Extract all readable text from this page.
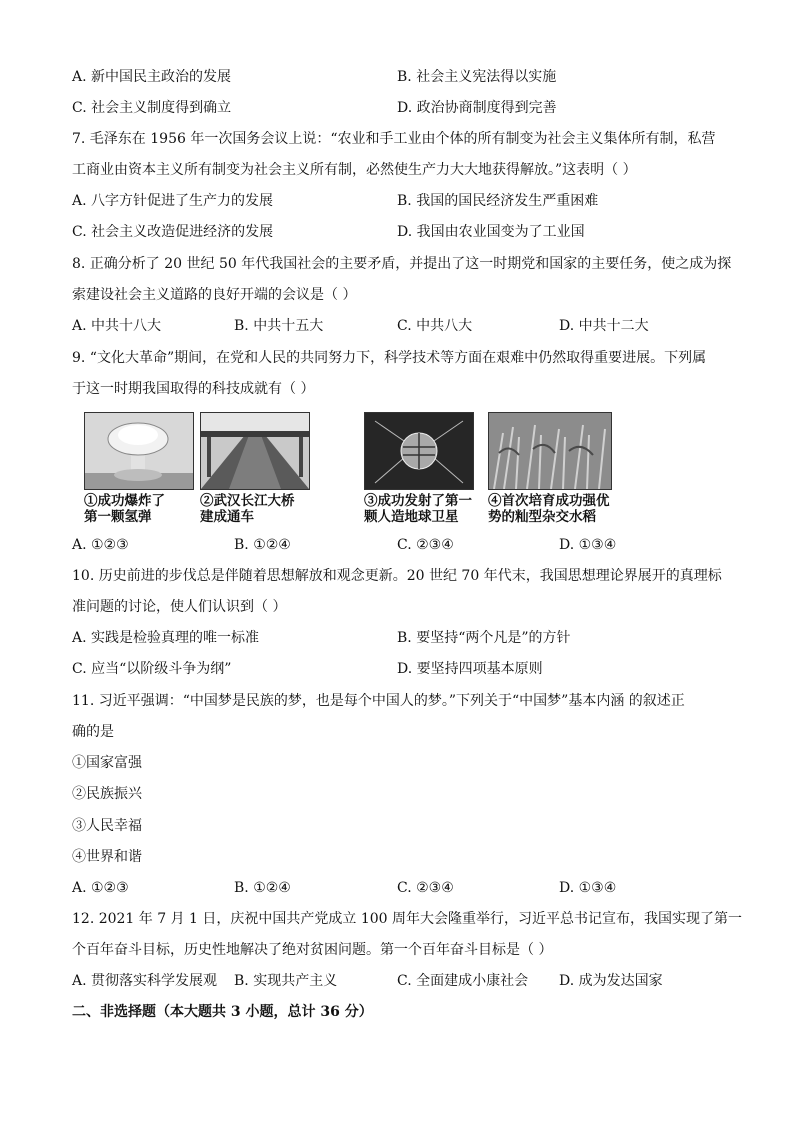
A. 新中国民主政治的发展	B. 社会主义宪法得以实施
C. 社会主义制度得到确立	D. 政治协商制度得到完善
7. 毛泽东在 1956 年一次国务会议上说：“农业和手工业由个体的所有制变为社会主义集体所有制，私营
工商业由资本主义所有制变为社会主义所有制，必然使生产力大大地获得解放。”这表明（ ）
A. 八字方针促进了生产力的发展	B. 我国的国民经济发生严重困难
C. 社会主义改造促进经济的发展	D. 我国由农业国变为了工业国
8. 正确分析了 20 世纪 50 年代我国社会的主要矛盾，并提出了这一时期党和国家的主要任务，使之成为探
索建设社会主义道路的良好开端的会议是（ ）
A. 中共十八大	B. 中共十五大	C. 中共八大	D. 中共十二大
9. “文化大革命”期间，在党和人民的共同努力下，科学技术等方面在艰难中仍然取得重要进展。下列属
于这一时期我国取得的科技成就有（ ）
①成功爆炸了
第一颗氢弹
②武汉长江大桥
建成通车
③成功发射了第一
颗人造地球卫星
④首次培育成功强优
势的籼型杂交水稻
A. ①②③	B. ①②④	C. ②③④	D. ①③④
10. 历史前进的步伐总是伴随着思想解放和观念更新。20 世纪 70 年代末，我国思想理论界展开的真理标
准问题的讨论，使人们认识到（ ）
A. 实践是检验真理的唯一标准	B. 要坚持“两个凡是”的方针
C. 应当“以阶级斗争为纲”	D. 要坚持四项基本原则
11. 习近平强调：“中国梦是民族的梦，也是每个中国人的梦。”下列关于“中国梦”基本内涵 的叙述正
确的是
①国家富强
②民族振兴
③人民幸福
④世界和谐
A. ①②③	B. ①②④	C. ②③④	D. ①③④
12. 2021 年 7 月 1 日，庆祝中国共产党成立 100 周年大会隆重举行，习近平总书记宣布，我国实现了第一
个百年奋斗目标，历史性地解决了绝对贫困问题。第一个百年奋斗目标是（ ）
A. 贯彻落实科学发展观 B. 实现共产主义	C. 全面建成小康社会 D. 成为发达国家
二、非选择题（本大题共 3 小题，总计 36 分）
